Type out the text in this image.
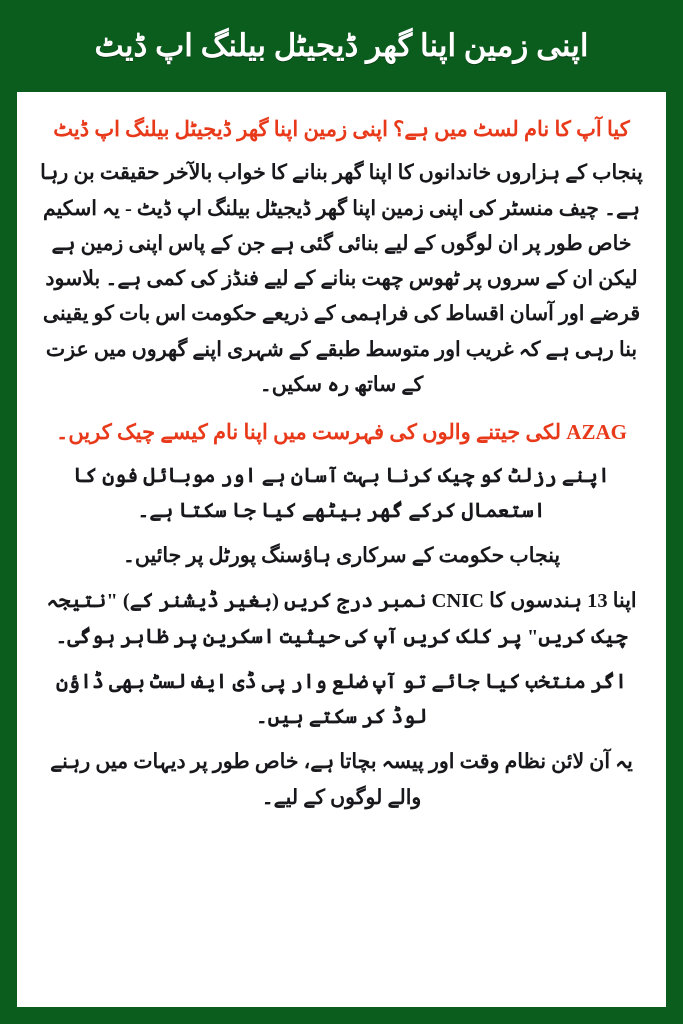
اپنی زمین اپنا گھر ڈیجیٹل بیلنگ اپ ڈیٹ

کیا آپ کا نام لسٹ میں ہے؟ اپنی زمین اپنا گھر ڈیجیٹل بیلنگ اپ ڈیٹ

پنجاب کے ہزاروں خاندانوں کا اپنا گھر بنانے کا خواب بالآخر حقیقت بن رہا ہے۔ چیف منسٹر کی اپنی زمین اپنا گھر ڈیجیٹل بیلنگ اپ ڈیٹ - یہ اسکیم خاص طور پر ان لوگوں کے لیے بنائی گئی ہے جن کے پاس اپنی زمین ہے لیکن ان کے سروں پر ٹھوس چھت بنانے کے لیے فنڈز کی کمی ہے۔ بلاسود قرضے اور آسان اقساط کی فراہمی کے ذریعے حکومت اس بات کو یقینی بنا رہی ہے کہ غریب اور متوسط طبقے کے شہری اپنے گھروں میں عزت کے ساتھ رہ سکیں۔

AZAG لکی جیتنے والوں کی فہرست میں اپنا نام کیسے چیک کریں۔

اپنے رزلٹ کو چیک کرنا بہت آسان ہے اور موبائل فون کا استعمال کرکے گھر بیٹھے کیا جا سکتا ہے۔

پنجاب حکومت کے سرکاری ہاؤسنگ پورٹل پر جائیں۔

اپنا 13 ہندسوں کا CNIC نمبر درج کریں (بغیر ڈیشنر کے) "نتیجہ چیک کریں" پر کلک کریں آپ کی حیثیت اسکرین پر ظاہر ہوگی۔

اگر منتخب کیا جائے تو آپ ضلع وار پی ڈی ایف لسٹ بھی ڈاؤن لوڈ کر سکتے ہیں۔

یہ آن لائن نظام وقت اور پیسہ بچاتا ہے، خاص طور پر دیہات میں رہنے والے لوگوں کے لیے۔
